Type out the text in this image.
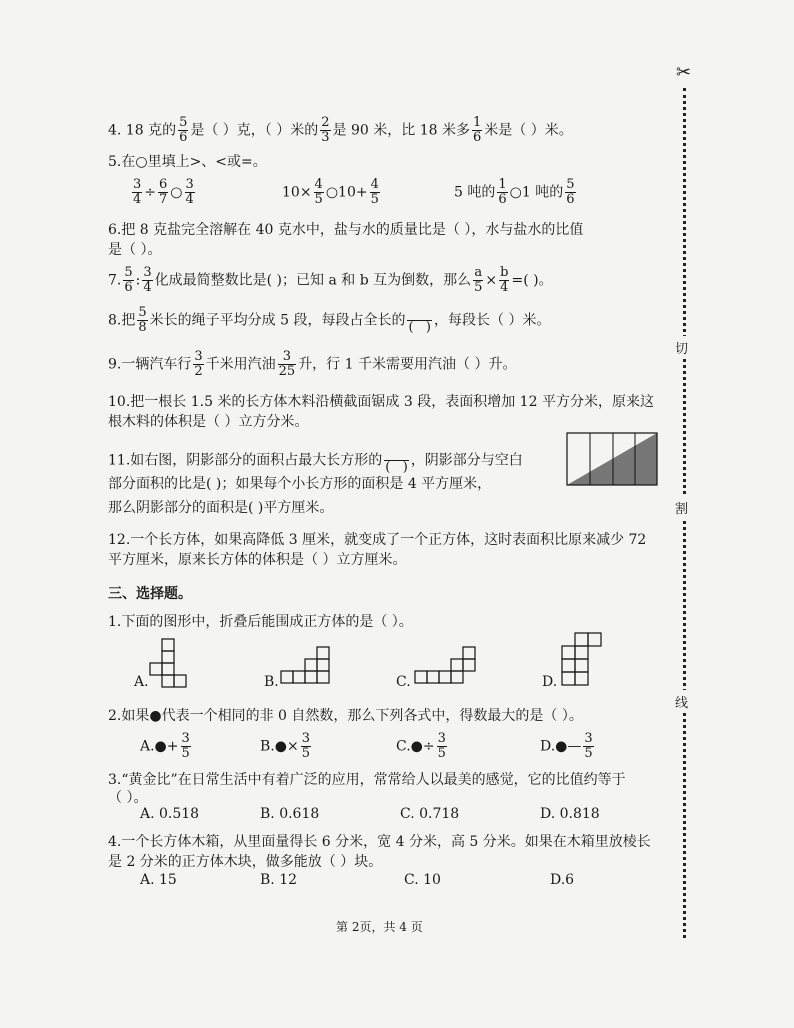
✂
切
割
线
4. 18 克的 $\frac{5}{6}$ 是（ ）克，（ ）米的 $\frac{2}{3}$ 是 90 米，比 18 米多 $\frac{1}{6}$ 米是（ ）米。
5.在○里填上>、<或=。
$\frac{3}{4} \div \frac{6}{7}$ ○ $\frac{3}{4}$	$10\times \frac{4}{5}$ ○10+ $\frac{4}{5}$	5 吨的 $\frac{1}{6}$ ○1 吨的 $\frac{5}{6}$
6.把 8 克盐完全溶解在 40 克水中，盐与水的质量比是（ ），水与盐水的比值
是（ ）。
7. $\frac{5}{6}$ : $\frac{3}{4}$ 化成最简整数比是( )；已知 a 和 b 互为倒数，那么 $\frac{a}{5} \times \frac{b}{4}$ =( )。
8.把 $\frac{5}{8}$ 米长的绳子平均分成 5 段，每段占全长的
(   ) ，每段长（ ）米。
9.一辆汽车行 $\frac{3}{2}$ 千米用汽油 $\frac{3}{25}$ 升，行 1 千米需要用汽油（ ）升。
10.把一根长 1.5 米的长方体木料沿横截面锯成 3 段，表面积增加 12 平方分米，原来这
根木料的体积是（ ）立方分米。
11.如右图，阴影部分的面积占最大长方形的
(   ) ，阴影部分与空白
部分面积的比是( )；如果每个小长方形的面积是 4 平方厘米，
那么阴影部分的面积是( )平方厘米。
12.一个长方体，如果高降低 3 厘米，就变成了一个正方体，这时表面积比原来减少 72
平方厘米，原来长方体的体积是（ ）立方厘米。
三、选择题。
1.下面的图形中，折叠后能围成正方体的是（ ）。
A.	B.	C.	D.
2.如果●代表一个相同的非 0 自然数，那么下列各式中，得数最大的是（ ）。
A.●+ $\frac{3}{5}$	B.●× $\frac{3}{5}$	C.●÷ $\frac{3}{5}$	D.●— $\frac{3}{5}$
3.“黄金比”在日常生活中有着广泛的应用，常常给人以最美的感觉，它的比值约等于
（ ）。
A. 0.518	B. 0.618	C. 0.718	D. 0.818
4.一个长方体木箱，从里面量得长 6 分米，宽 4 分米，高 5 分米。如果在木箱里放棱长
是 2 分米的正方体木块，做多能放（ ）块。
A. 15	B. 12	C. 10	D.6
第 2页，共 4 页
